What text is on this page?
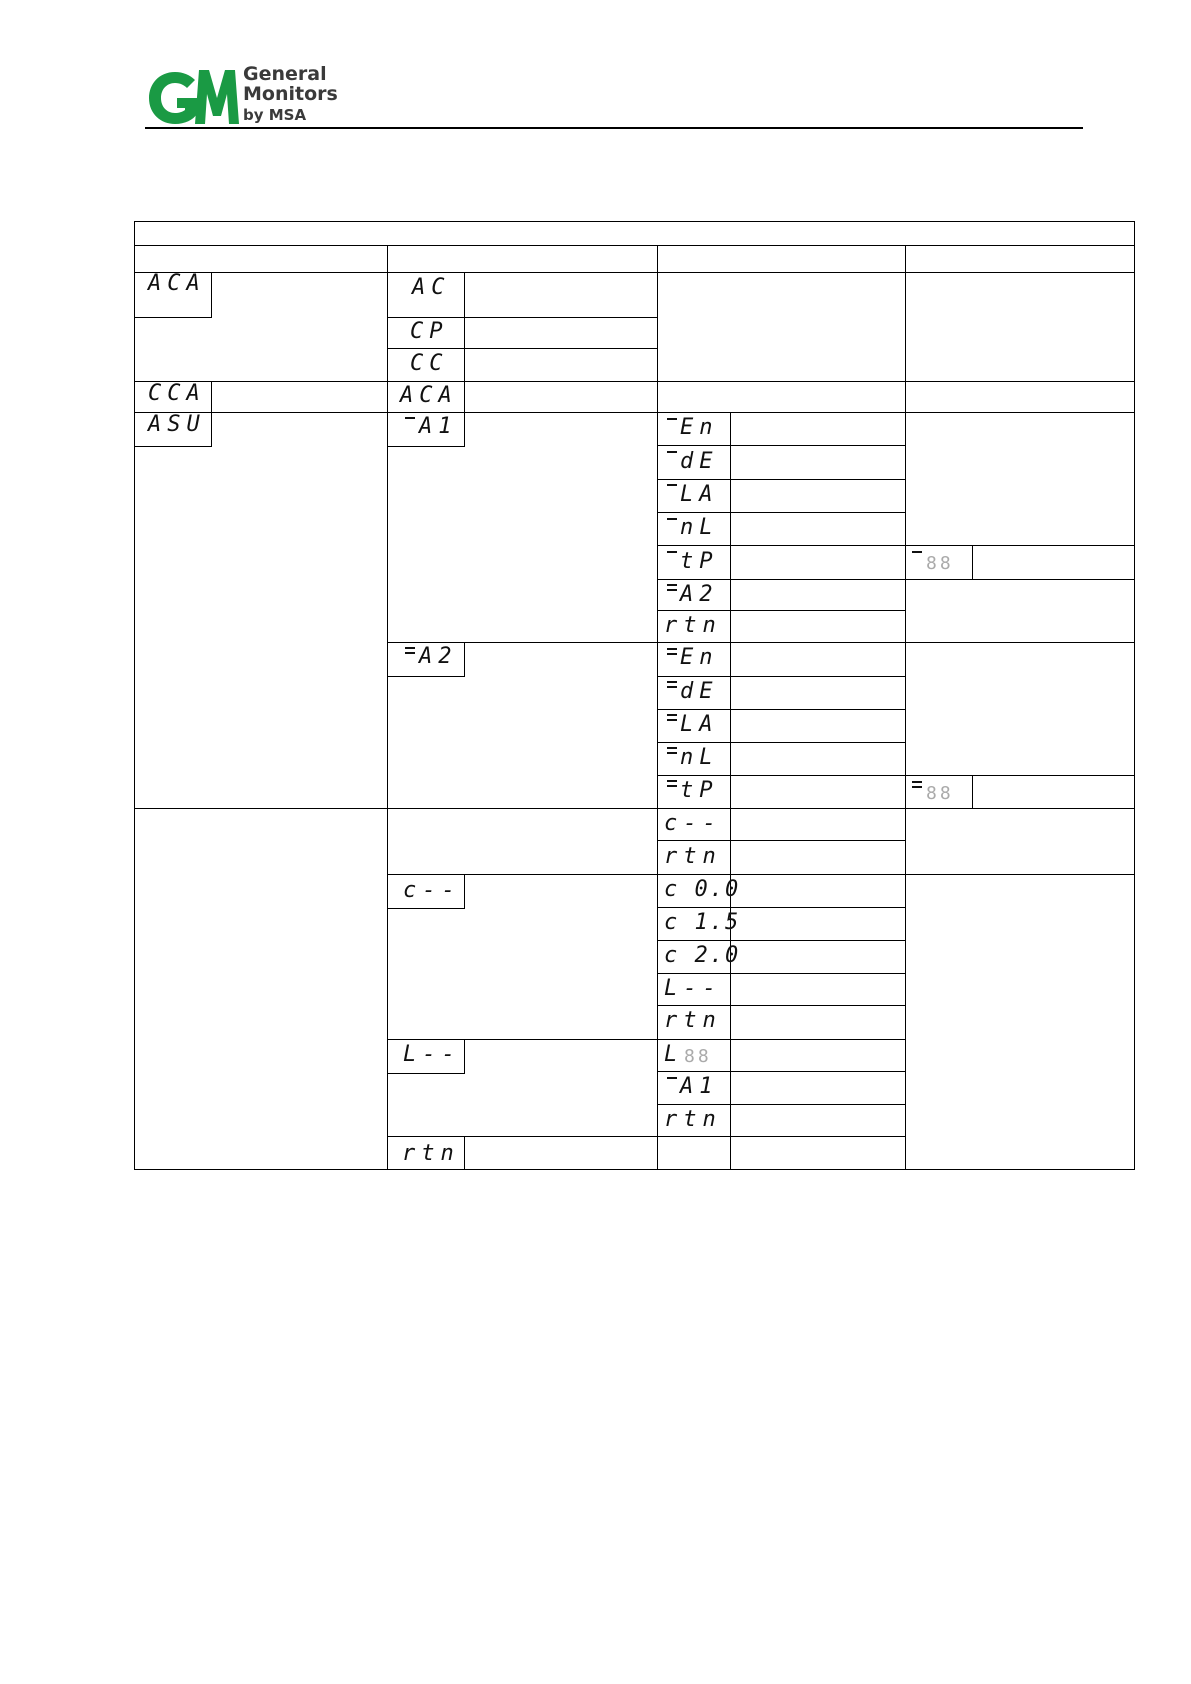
General
Monitors
by MSA
ACA
CCA
ASU
AC
CP
CC
ACA
A1
A2
c--
L--
rtn
En
dE
LA
nL
tP
A2
rtn
En
dE
LA
nL
tP
c--
rtn
c 0.0
c 1.5
c 2.0
L--
rtn
L 88
A1
rtn
88
88
